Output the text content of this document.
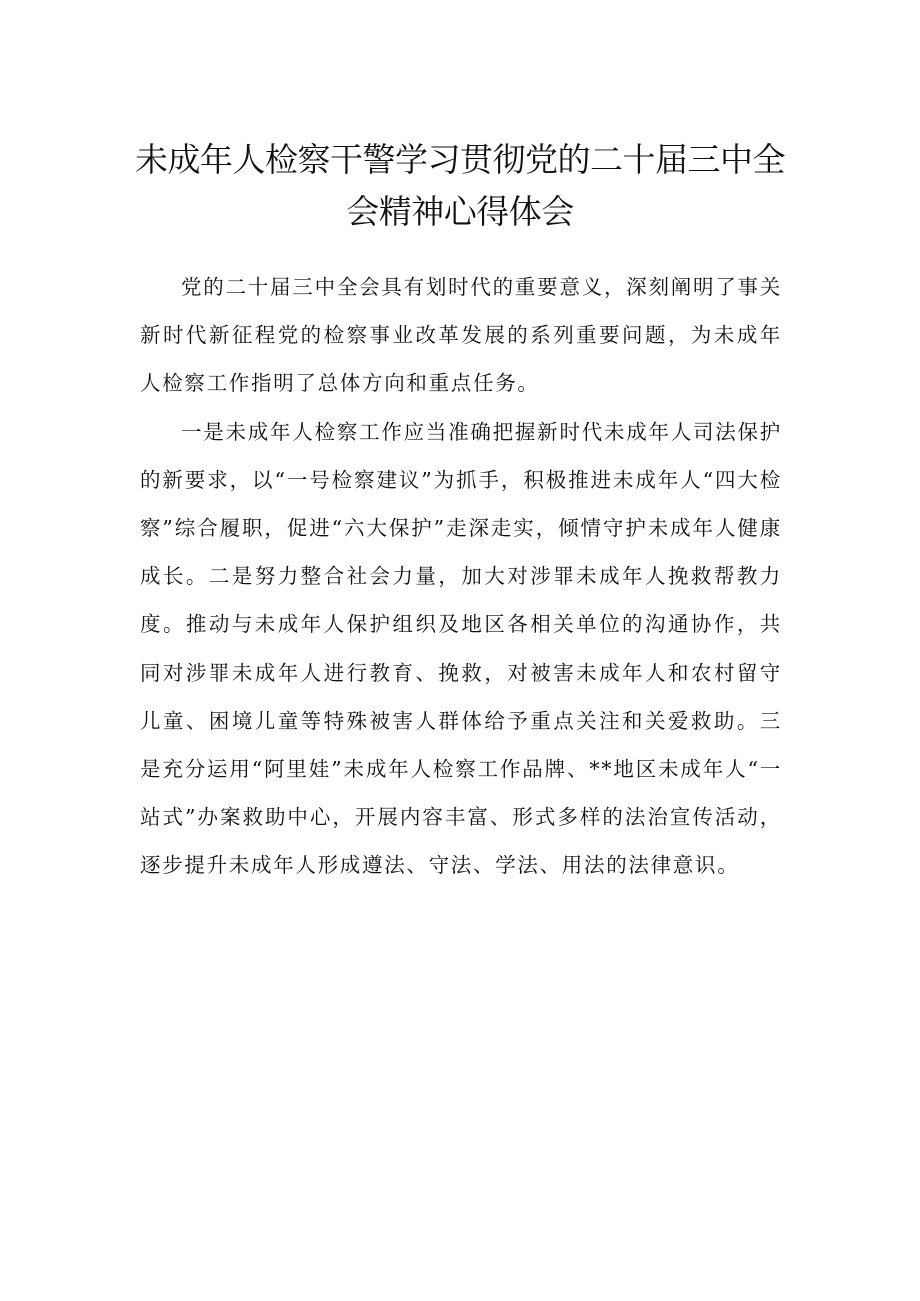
未成年人检察干警学习贯彻党的二十届三中全会精神心得体会

党的二十届三中全会具有划时代的重要意义，深刻阐明了事关新时代新征程党的检察事业改革发展的系列重要问题，为未成年人检察工作指明了总体方向和重点任务。

一是未成年人检察工作应当准确把握新时代未成年人司法保护的新要求，以“一号检察建议”为抓手，积极推进未成年人“四大检察”综合履职，促进“六大保护”走深走实，倾情守护未成年人健康成长。二是努力整合社会力量，加大对涉罪未成年人挽救帮教力度。推动与未成年人保护组织及地区各相关单位的沟通协作，共同对涉罪未成年人进行教育、挽救，对被害未成年人和农村留守儿童、困境儿童等特殊被害人群体给予重点关注和关爱救助。三是充分运用“阿里娃”未成年人检察工作品牌、**地区未成年人“一站式”办案救助中心，开展内容丰富、形式多样的法治宣传活动，逐步提升未成年人形成遵法、守法、学法、用法的法律意识。
